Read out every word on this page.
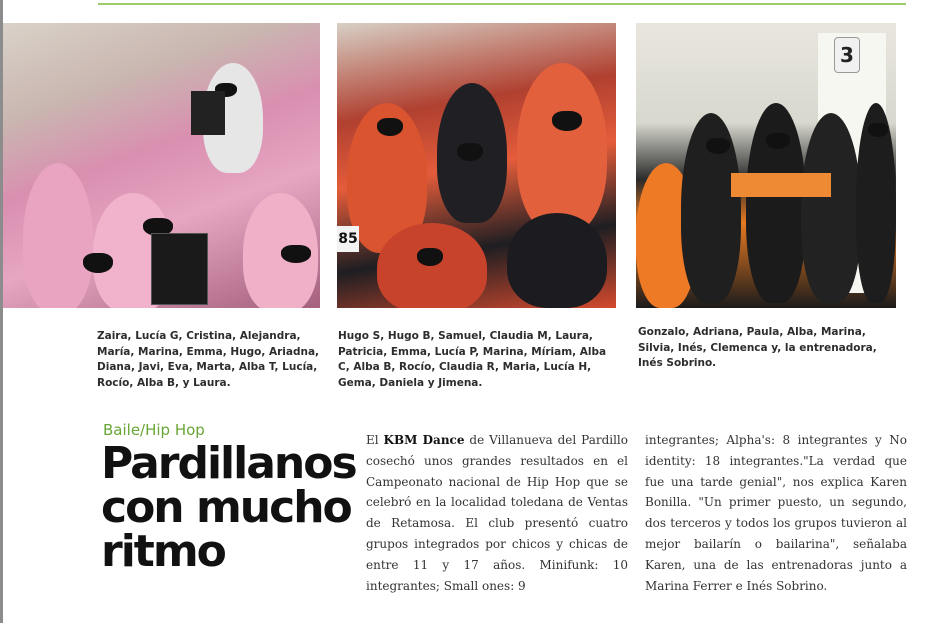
85
3
Zaira, Lucía G, Cristina, Alejandra, María, Marina, Emma, Hugo, Ariadna, Diana, Javi, Eva, Marta, Alba T, Lucía, Rocío, Alba B, y Laura.
Hugo S, Hugo B, Samuel, Claudia M, Laura, Patricia, Emma, Lucía P, Marina, Míriam, Alba C, Alba B, Rocío, Claudia R, Maria, Lucía H, Gema, Daniela y Jimena.
Gonzalo, Adriana, Paula, Alba, Marina, Silvia, Inés, Clemenca y, la entrenadora, Inés Sobrino.
Baile/Hip Hop
Pardillanos con mucho ritmo

El KBM Dance de Villanueva del Pardillo cosechó unos grandes resultados en el Campeonato nacional de Hip Hop que se celebró en la localidad toledana de Ventas de Retamosa. El club presentó cuatro grupos integrados por chicos y chicas de entre 11 y 17 años. Minifunk: 10 integrantes; Small ones: 9

integrantes; Alpha's: 8 integrantes y No identity: 18 integrantes."La verdad que fue una tarde genial", nos explica Karen Bonilla. "Un primer puesto, un segundo, dos terceros y todos los grupos tuvieron al mejor bailarín o bailarina", señalaba Karen, una de las entrenadoras junto a Marina Ferrer e Inés Sobrino.
